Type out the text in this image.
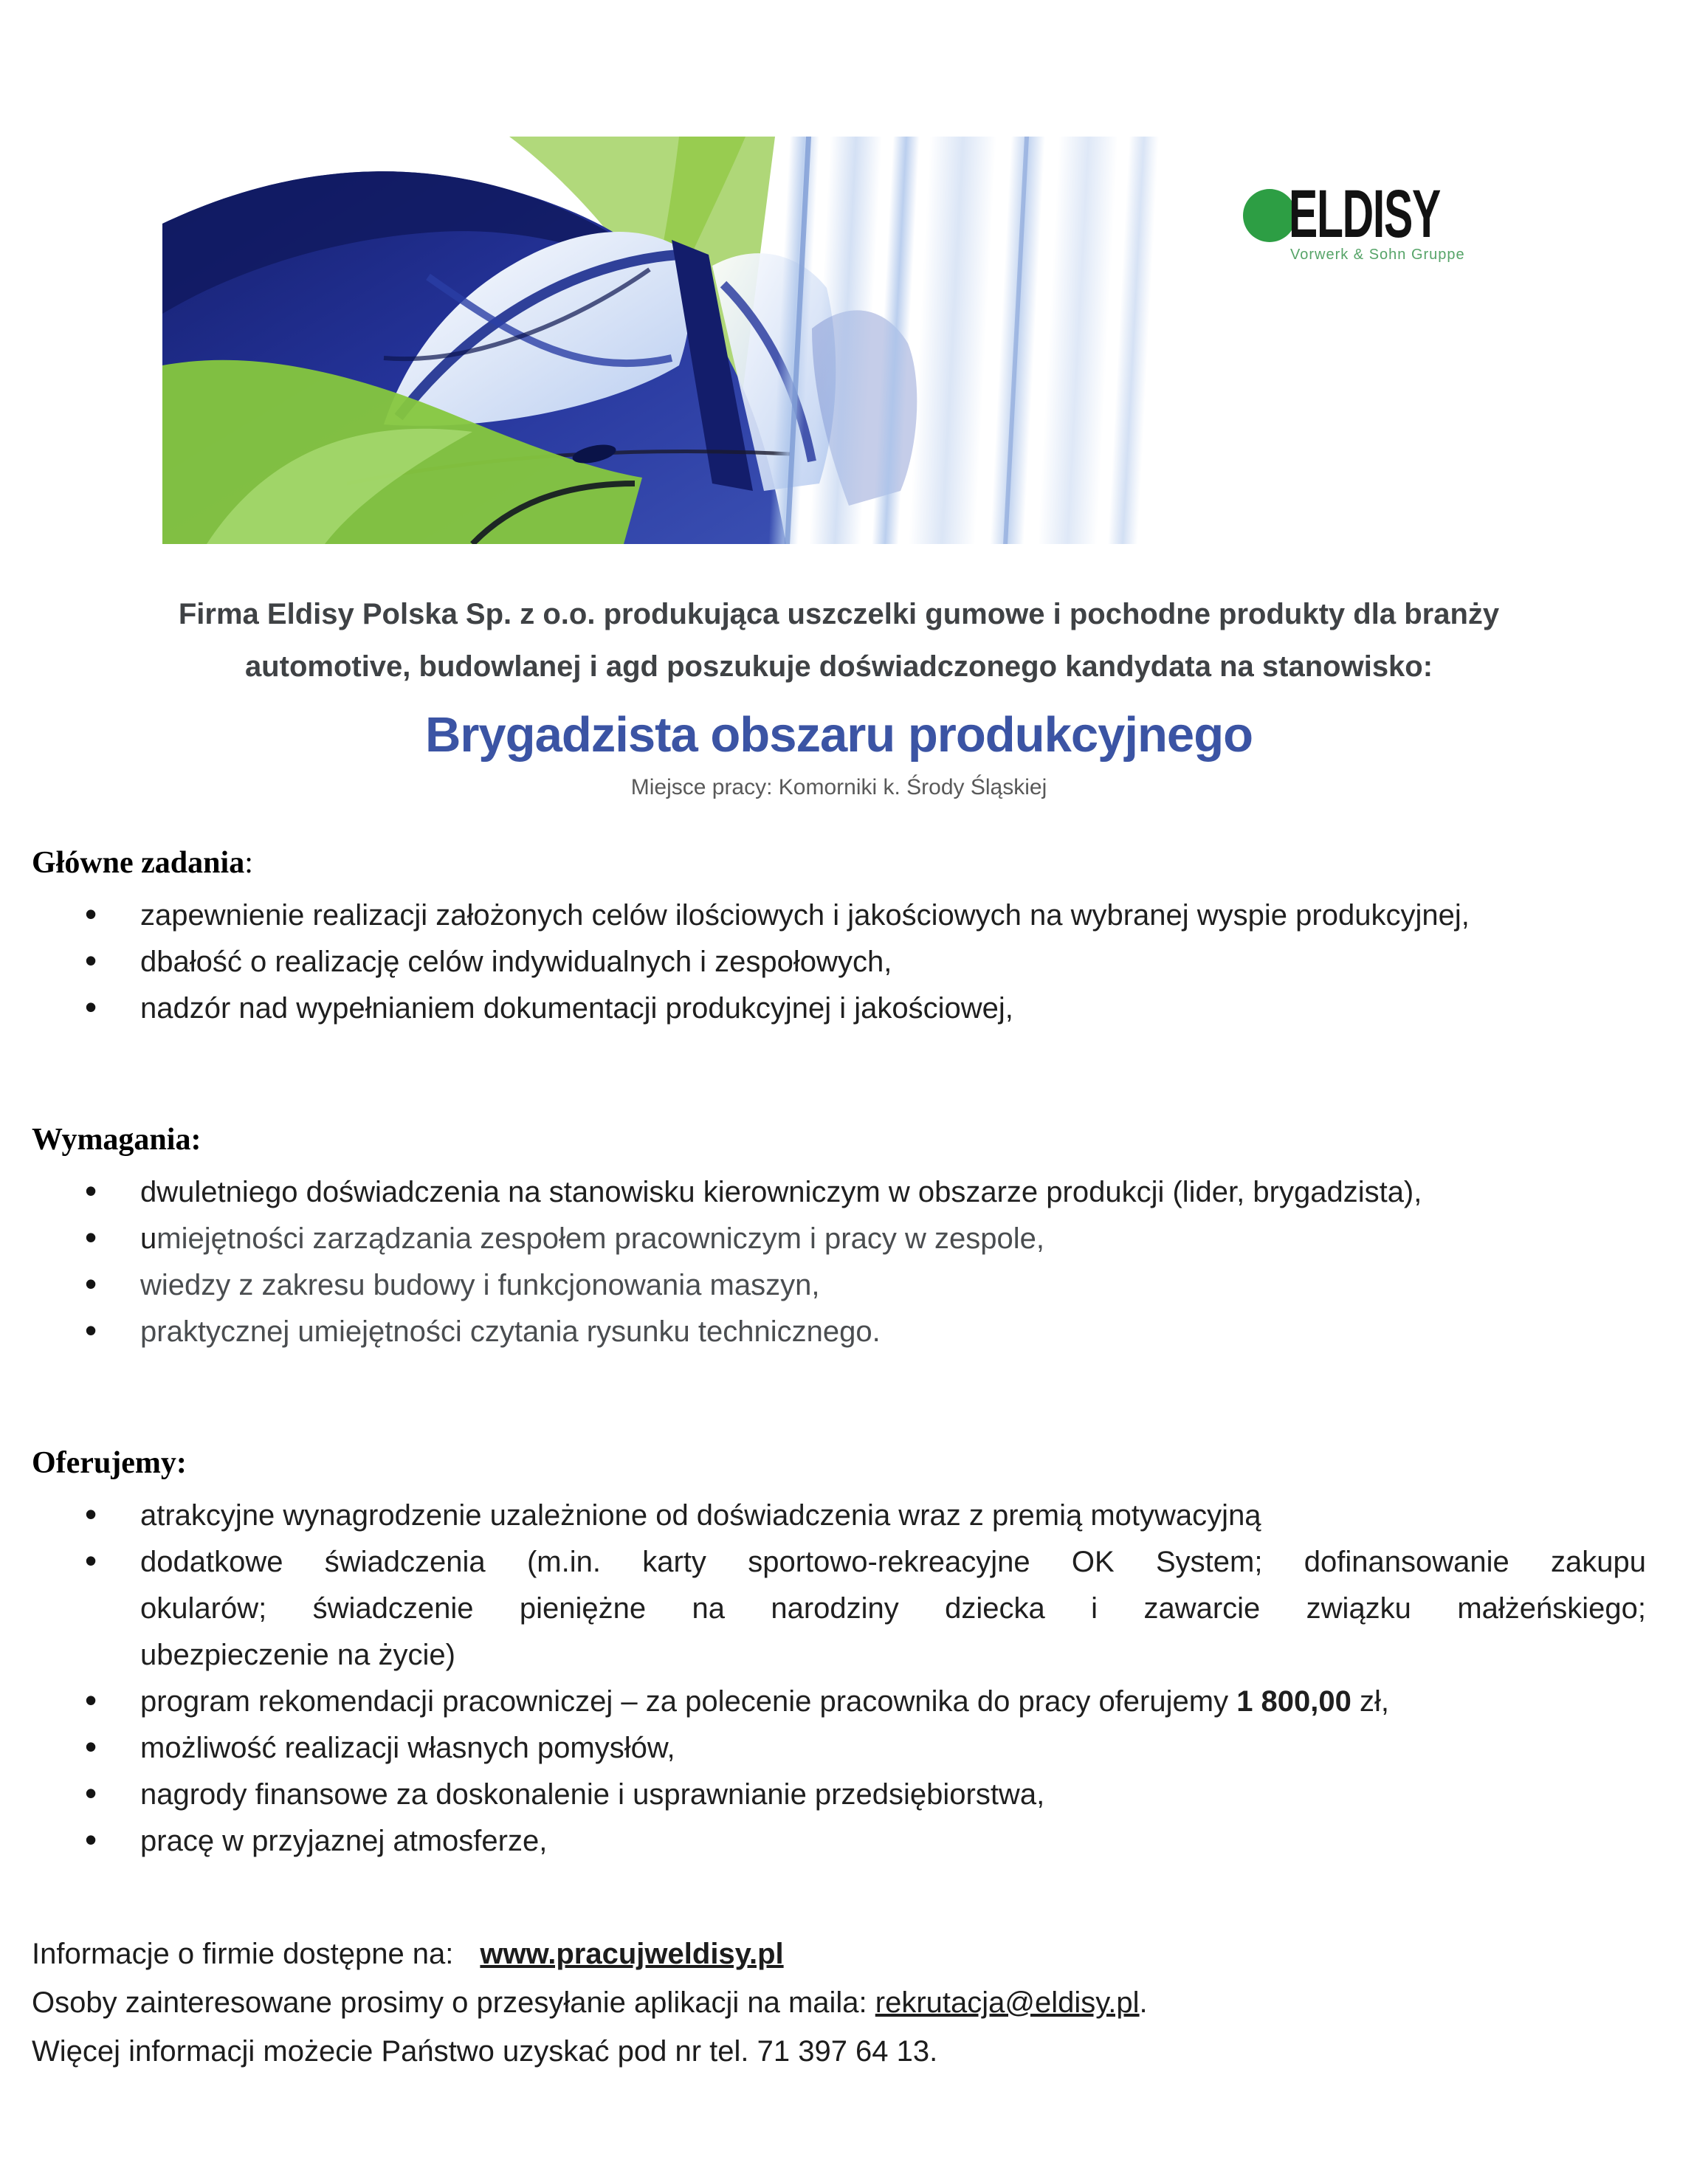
ELDISY
Vorwerk & Sohn Gruppe

Firma Eldisy Polska Sp. z o.o. produkująca uszczelki gumowe i pochodne produkty dla branży
automotive, budowlanej i agd poszukuje doświadczonego kandydata na stanowisko:

Brygadzista obszaru produkcyjnego

Miejsce pracy: Komorniki k. Środy Śląskiej

Główne zadania:
• zapewnienie realizacji założonych celów ilościowych i jakościowych na wybranej wyspie produkcyjnej,
• dbałość o realizację celów indywidualnych i zespołowych,
• nadzór nad wypełnianiem dokumentacji produkcyjnej i jakościowej,
Wymagania:
• dwuletniego doświadczenia na stanowisku kierowniczym w obszarze produkcji (lider, brygadzista),
• umiejętności zarządzania zespołem pracowniczym i pracy w zespole,
• wiedzy z zakresu budowy i funkcjonowania maszyn,
• praktycznej umiejętności czytania rysunku technicznego.
Oferujemy:
• atrakcyjne wynagrodzenie uzależnione od doświadczenia wraz z premią motywacyjną
• dodatkowe świadczenia (m.in. karty sportowo-rekreacyjne OK System; dofinansowanie zakupu
okularów; świadczenie pieniężne na narodziny dziecka i zawarcie związku małżeńskiego;
ubezpieczenie na życie)
• program rekomendacji pracowniczej – za polecenie pracownika do pracy oferujemy 1 800,00 zł,
• możliwość realizacji własnych pomysłów,
• nagrody finansowe za doskonalenie i usprawnianie przedsiębiorstwa,
• pracę w przyjaznej atmosferze,

Informacje o firmie dostępne na: www.pracujweldisy.pl

Osoby zainteresowane prosimy o przesyłanie aplikacji na maila: rekrutacja@eldisy.pl.

Więcej informacji możecie Państwo uzyskać pod nr tel. 71 397 64 13.
